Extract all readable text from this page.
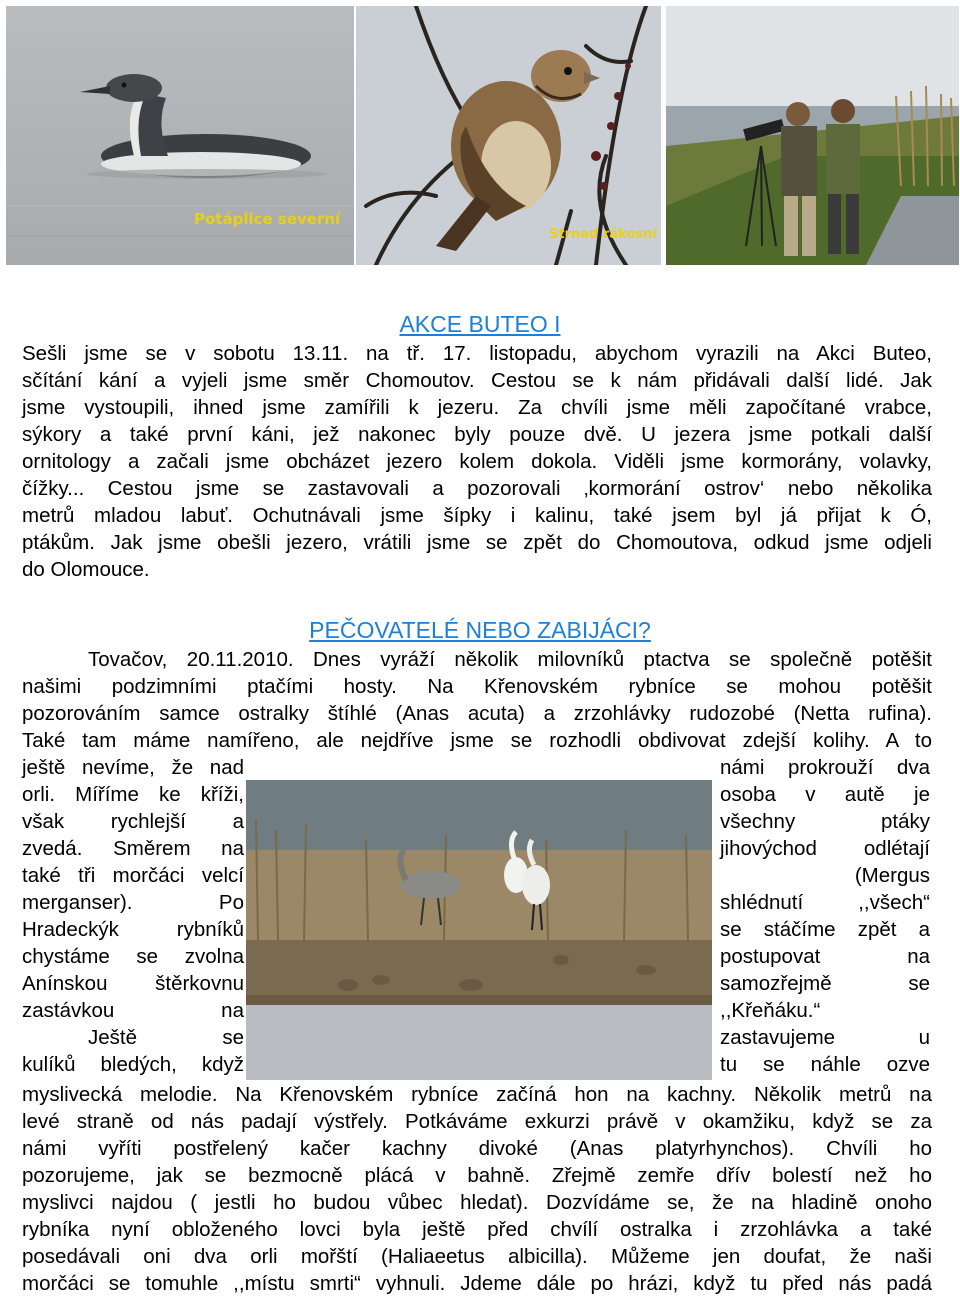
Potáplice severní
Strnad rákosní
AKCE BUTEO I
Sešli jsme se v sobotu 13.11. na tř. 17. listopadu, abychom vyrazili na Akci Buteo,
sčítání kání a vyjeli jsme směr Chomoutov. Cestou se k nám přidávali další lidé. Jak
jsme vystoupili, ihned jsme zamířili k jezeru. Za chvíli jsme měli započítané vrabce,
sýkory a také první káni, jež nakonec byly pouze dvě. U jezera jsme potkali další
ornitology a začali jsme obcházet jezero kolem dokola. Viděli jsme kormorány, volavky,
čížky... Cestou jsme se zastavovali a pozorovali ‚kormorání ostrov‘ nebo několika
metrů mladou labuť. Ochutnávali jsme šípky i kalinu, také jsem byl já přijat k Ó,
ptákům. Jak jsme obešli jezero, vrátili jsme se zpět do Chomoutova, odkud jsme odjeli
do Olomouce.
PEČOVATELÉ NEBO ZABIJÁCI?
Tovačov, 20.11.2010. Dnes vyráží několik milovníků ptactva se společně potěšit
našimi podzimními ptačími hosty. Na Křenovském rybníce se mohou potěšit
pozorováním samce ostralky štíhlé (Anas acuta) a zrzohlávky rudozobé (Netta rufina).
Také tam máme namířeno, ale nejdříve jsme se rozhodli obdivovat zdejší kolihy. A to
ještě nevíme, že nad
orli. Míříme ke kříži,
však rychlejší a
zvedá. Směrem na
také tři morčáci velcí
merganser). Po
Hradeckýk rybníků
chystáme se zvolna
Anínskou štěrkovnu
zastávkou na
Ještě se
kulíků bledých, když
námi prokrouží dva
osoba v autě je
všechny ptáky
jihovýchod odlétají
(Mergus
shlédnutí ,,všech“
se stáčíme zpět a
postupovat na
samozřejmě se
,,Křeňáku.“
zastavujeme u
tu se náhle ozve
myslivecká melodie. Na Křenovském rybníce začíná hon na kachny. Několik metrů na
levé straně od nás padají výstřely. Potkáváme exkurzi právě v okamžiku, když se za
námi vyříti postřelený kačer kachny divoké (Anas platyrhynchos). Chvíli ho
pozorujeme, jak se bezmocně plácá v bahně. Zřejmě zemře dřív bolestí než ho
myslivci najdou ( jestli ho budou vůbec hledat). Dozvídáme se, že na hladině onoho
rybníka nyní obloženého lovci byla ještě před chvílí ostralka i zrzohlávka a také
posedávali oni dva orli mořští (Haliaeetus albicilla). Můžeme jen doufat, že naši
morčáci se tomuhle ,,místu smrti“ vyhnuli. Jdeme dále po hrázi, když tu před nás padá
